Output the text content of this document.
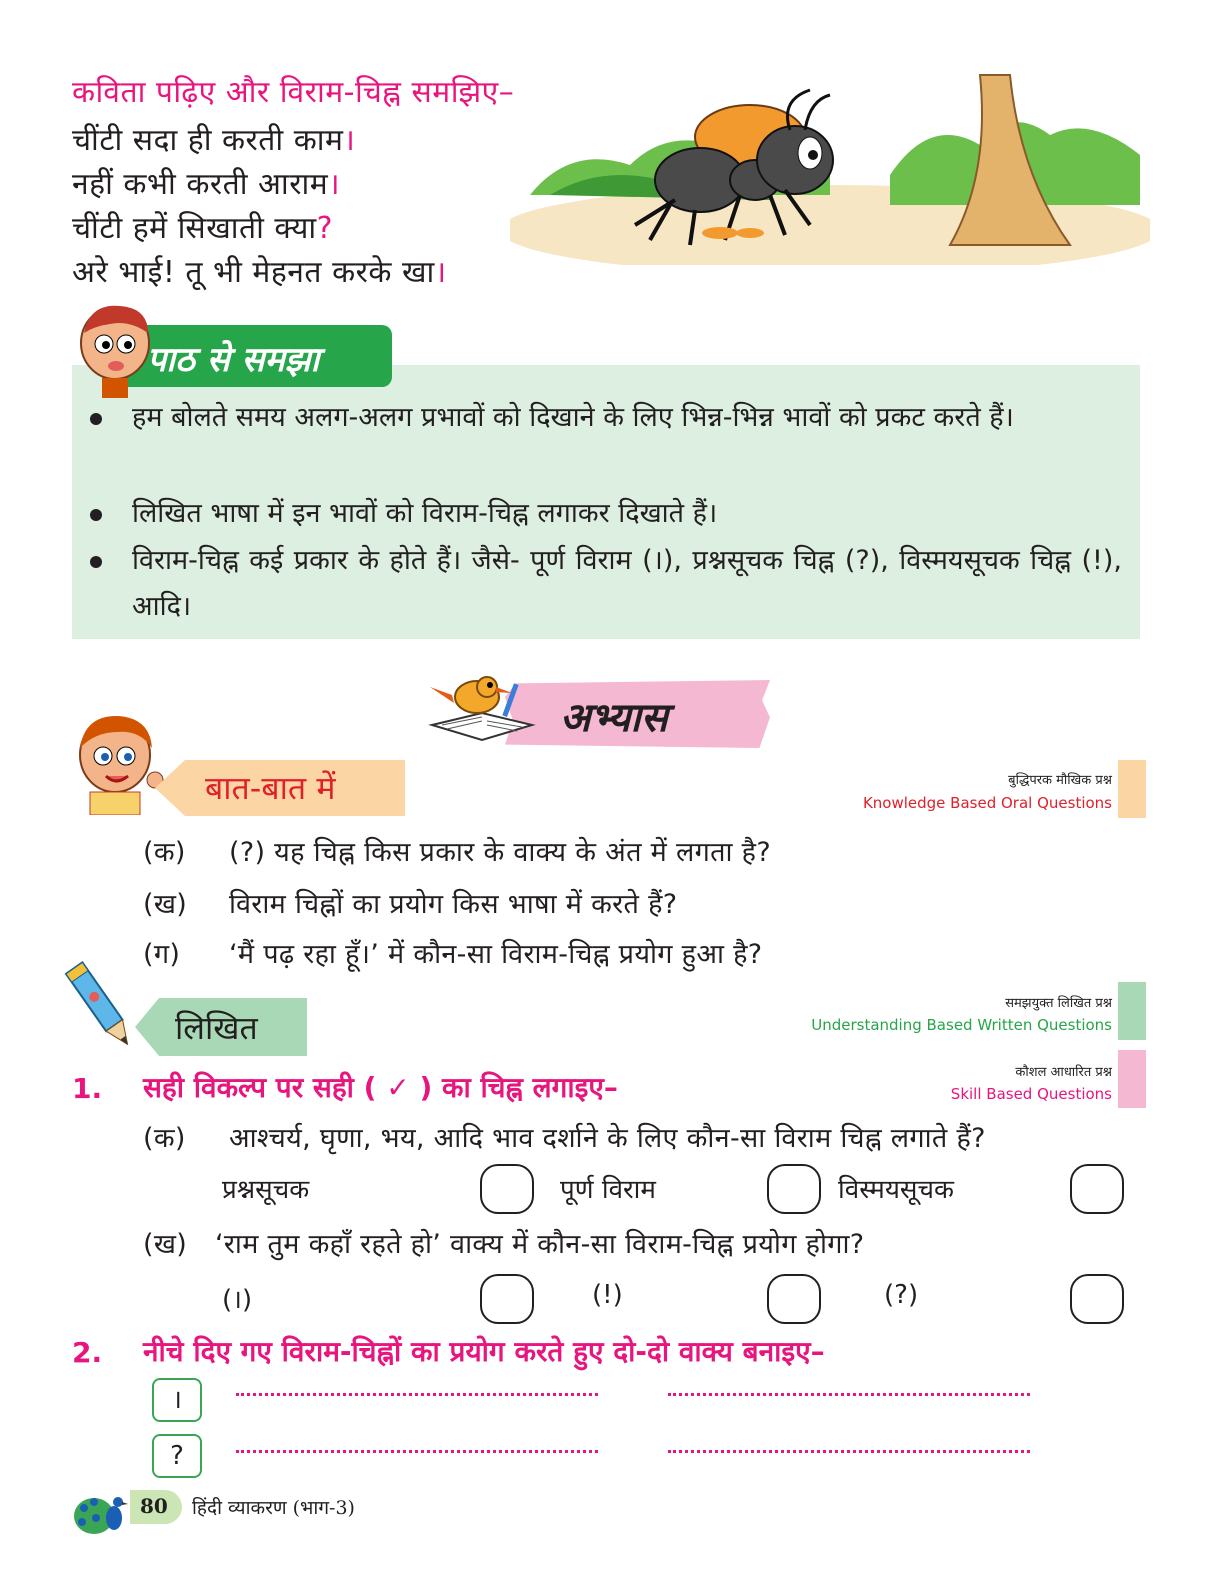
कविता पढ़िए और विराम-चिह्न समझिए–
चींटी सदा ही करती काम।
नहीं कभी करती आराम।
चींटी हमें सिखाती क्या?
अरे भाई! तू भी मेहनत करके खा।
पाठ से समझा
हम बोलते समय अलग-अलग प्रभावों को दिखाने के लिए भिन्न-भिन्न भावों को प्रकट करते हैं।
लिखित भाषा में इन भावों को विराम-चिह्न लगाकर दिखाते हैं।
विराम-चिह्न कई प्रकार के होते हैं। जैसे- पूर्ण विराम (।), प्रश्नसूचक चिह्न (?), विस्मयसूचक चिह्न (!), आदि।
अभ्यास
बात-बात में	बुद्धिपरक मौखिक प्रश्न
Knowledge Based Oral Questions
(क) (?) यह चिह्न किस प्रकार के वाक्य के अंत में लगता है?
(ख) विराम चिह्नों का प्रयोग किस भाषा में करते हैं?
(ग) ‘मैं पढ़ रहा हूँ।’ में कौन-सा विराम-चिह्न प्रयोग हुआ है?
लिखित
समझयुक्त लिखित प्रश्न
Understanding Based Written Questions
कौशल आधारित प्रश्न
Skill Based Questions
1. सही विकल्प पर सही ( ✓ ) का चिह्न लगाइए–
(क) आश्चर्य, घृणा, भय, आदि भाव दर्शाने के लिए कौन-सा विराम चिह्न लगाते हैं?
प्रश्नसूचक	पूर्ण विराम	विस्मयसूचक
(ख) ‘राम तुम कहाँ रहते हो’ वाक्य में कौन-सा विराम-चिह्न प्रयोग होगा?
(।)	(!)	(?)
2. नीचे दिए गए विराम-चिह्नों का प्रयोग करते हुए दो-दो वाक्य बनाइए–
।
?
80 हिंदी व्याकरण (भाग-3)
